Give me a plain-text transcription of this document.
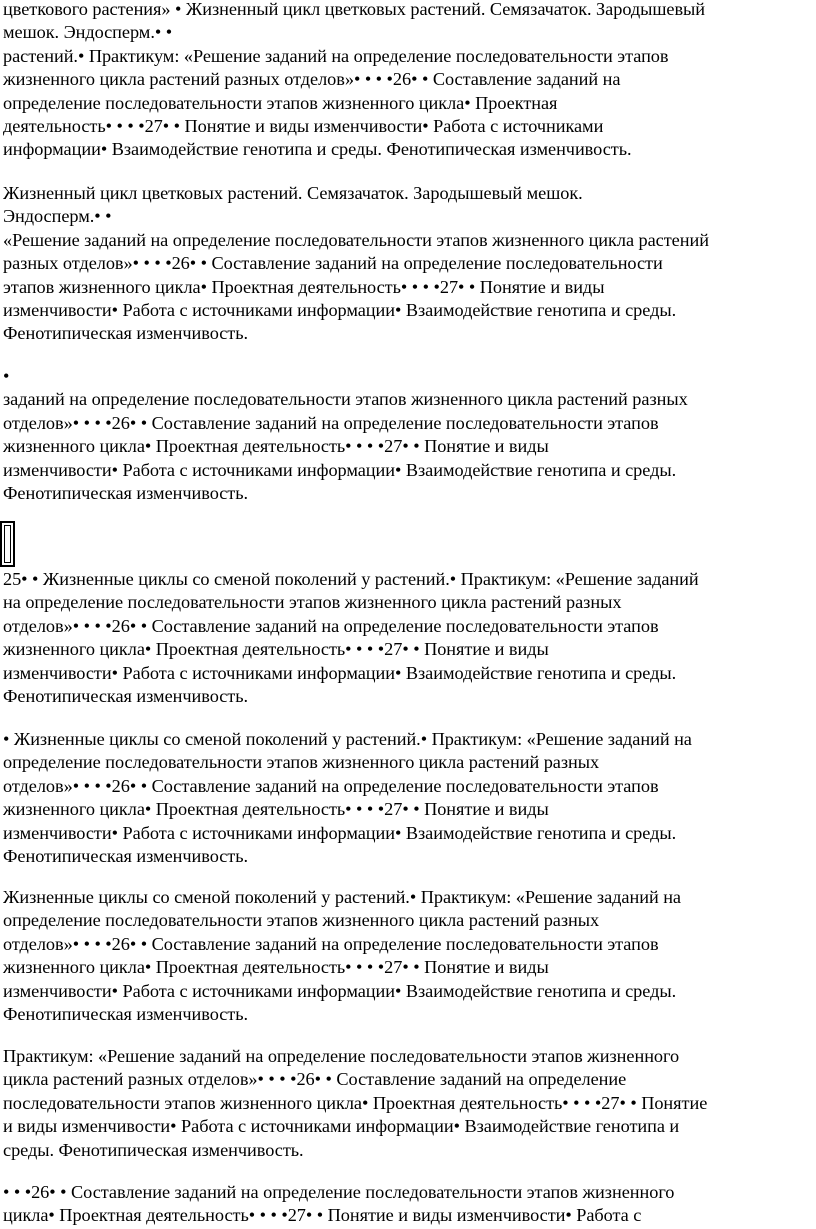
цветкового растения» • Жизненный цикл цветковых растений. Семязачаток. Зародышевый
мешок. Эндосперм.• •
растений.• Практикум: «Решение заданий на определение последовательности этапов
жизненного цикла растений разных отделов»• • • •26• • Составление заданий на
определение последовательности этапов жизненного цикла• Проектная
деятельность• • • •27• • Понятие и виды изменчивости• Работа с источниками
информации• Взаимодействие генотипа и среды. Фенотипическая изменчивость.

Жизненный цикл цветковых растений. Семязачаток. Зародышевый мешок.
Эндосперм.• •
«Решение заданий на определение последовательности этапов жизненного цикла растений
разных отделов»• • • •26• • Составление заданий на определение последовательности
этапов жизненного цикла• Проектная деятельность• • • •27• • Понятие и виды
изменчивости• Работа с источниками информации• Взаимодействие генотипа и среды.
Фенотипическая изменчивость.

•
заданий на определение последовательности этапов жизненного цикла растений разных
отделов»• • • •26• • Составление заданий на определение последовательности этапов
жизненного цикла• Проектная деятельность• • • •27• • Понятие и виды
изменчивости• Работа с источниками информации• Взаимодействие генотипа и среды.
Фенотипическая изменчивость.

25• • Жизненные циклы со сменой поколений у растений.• Практикум: «Решение заданий
на определение последовательности этапов жизненного цикла растений разных
отделов»• • • •26• • Составление заданий на определение последовательности этапов
жизненного цикла• Проектная деятельность• • • •27• • Понятие и виды
изменчивости• Работа с источниками информации• Взаимодействие генотипа и среды.
Фенотипическая изменчивость.

• Жизненные циклы со сменой поколений у растений.• Практикум: «Решение заданий на
определение последовательности этапов жизненного цикла растений разных
отделов»• • • •26• • Составление заданий на определение последовательности этапов
жизненного цикла• Проектная деятельность• • • •27• • Понятие и виды
изменчивости• Работа с источниками информации• Взаимодействие генотипа и среды.
Фенотипическая изменчивость.

Жизненные циклы со сменой поколений у растений.• Практикум: «Решение заданий на
определение последовательности этапов жизненного цикла растений разных
отделов»• • • •26• • Составление заданий на определение последовательности этапов
жизненного цикла• Проектная деятельность• • • •27• • Понятие и виды
изменчивости• Работа с источниками информации• Взаимодействие генотипа и среды.
Фенотипическая изменчивость.

Практикум: «Решение заданий на определение последовательности этапов жизненного
цикла растений разных отделов»• • • •26• • Составление заданий на определение
последовательности этапов жизненного цикла• Проектная деятельность• • • •27• • Понятие
и виды изменчивости• Работа с источниками информации• Взаимодействие генотипа и
среды. Фенотипическая изменчивость.

• • •26• • Составление заданий на определение последовательности этапов жизненного
цикла• Проектная деятельность• • • •27• • Понятие и виды изменчивости• Работа с
